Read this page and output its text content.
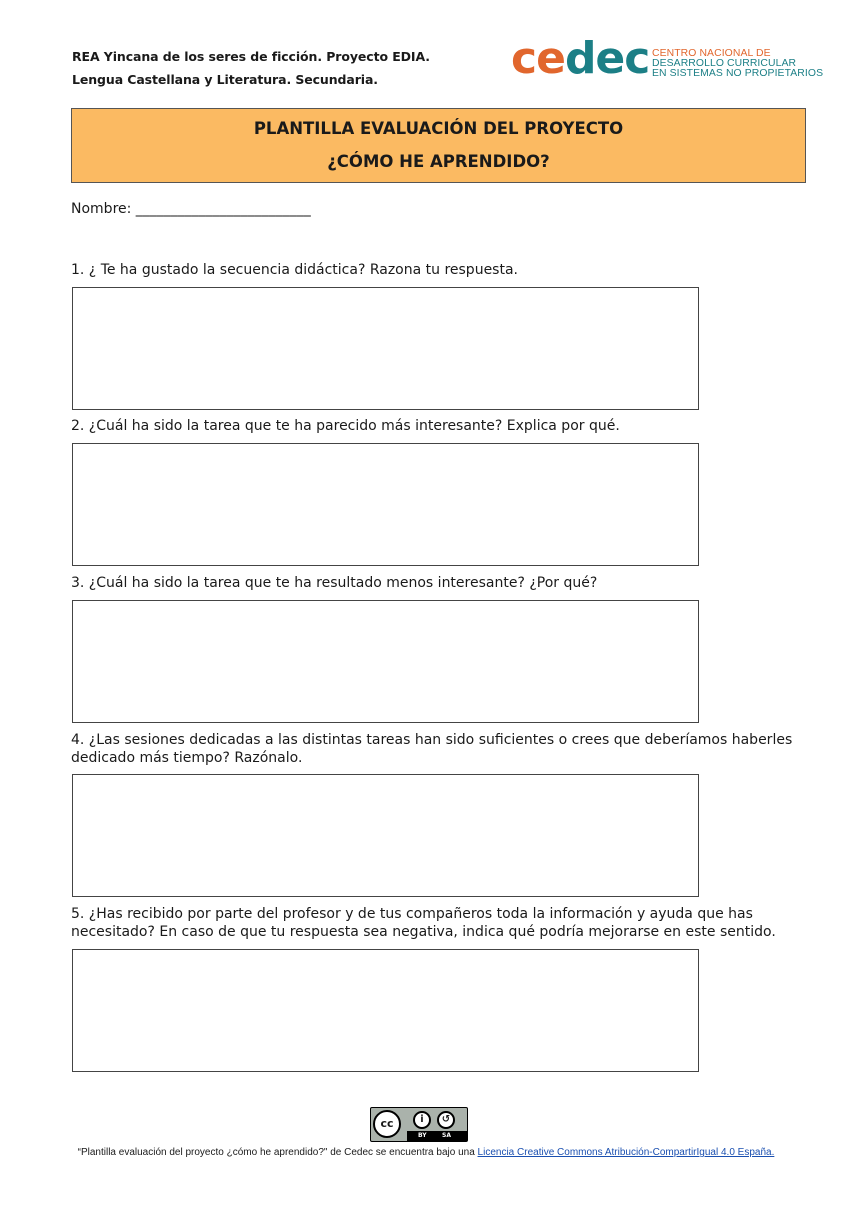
REA Yincana de los seres de ficción. Proyecto EDIA.
Lengua Castellana y Literatura. Secundaria.	cedec CENTRO NACIONAL DE
DESARROLLO CURRICULAR
EN SISTEMAS NO PROPIETARIOS
PLANTILLA EVALUACIÓN DEL PROYECTO
¿CÓMO HE APRENDIDO?
Nombre: _________________________
1. ¿ Te ha gustado la secuencia didáctica? Razona tu respuesta.
2. ¿Cuál ha sido la tarea que te ha parecido más interesante? Explica por qué.
3. ¿Cuál ha sido la tarea que te ha resultado menos interesante? ¿Por qué?
4. ¿Las sesiones dedicadas a las distintas tareas han sido suficientes o crees que deberíamos haberles dedicado más tiempo? Razónalo.
5. ¿Has recibido por parte del profesor y de tus compañeros toda la información y ayuda que has necesitado? En caso de que tu respuesta sea negativa, indica qué podría mejorarse en este sentido.
cc	i	↺
BY	SA
“Plantilla evaluación del proyecto ¿cómo he aprendido?" de Cedec se encuentra bajo una Licencia Creative Commons Atribución-CompartirIgual 4.0 España.
